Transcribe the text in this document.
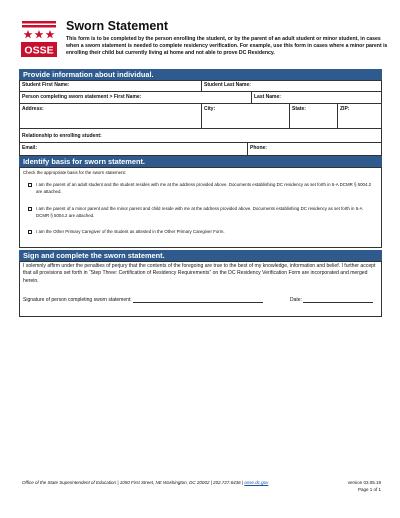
OSSE
Sworn Statement
This form is to be completed by the person enrolling the student, or by the parent of an adult student or minor student, in cases when a sworn statement is needed to complete residency verification. For example, use this form in cases where a minor parent is enrolling their child but currently living at home and not able to prove DC Residency.
Provide information about individual.
Student First Name:	Student Last Name:
Person completing sworn statement > First Name:	Last Name:
Address:	City:	State:	ZIP:
Relationship to enrolling student:
Email:	Phone:
Identify basis for sworn statement.
Check the appropriate basis for the sworn statement:
I am the parent of an adult student and the student resides with me at the address provided above. Documents establishing DC residency as set forth in 5-A DCMR § 5004.2 are attached.
I am the parent of a minor parent and the minor parent and child reside with me at the address provided above. Documents establishing DC residency as set forth in 5-A DCMR § 5004.2 are attached.
I am the Other Primary Caregiver of the student as attested in the Other Primary Caregiver Form.
Sign and complete the sworn statement.
I solemnly affirm under the penalties of perjury that the contents of the foregoing are true to the best of my knowledge, information and belief. I further accept that all provisions set forth in “Step Three: Certification of Residency Requirements” on the DC Residency Verification Form are incorporated and merged herein.
Signature of person completing sworn statement:	Date:
Office of the State Superintendent of Education | 1050 First Street, NE Washington, DC 20002 | 202.727.6436 | osse.dc.gov	version 03.05.19
Page 1 of 1
